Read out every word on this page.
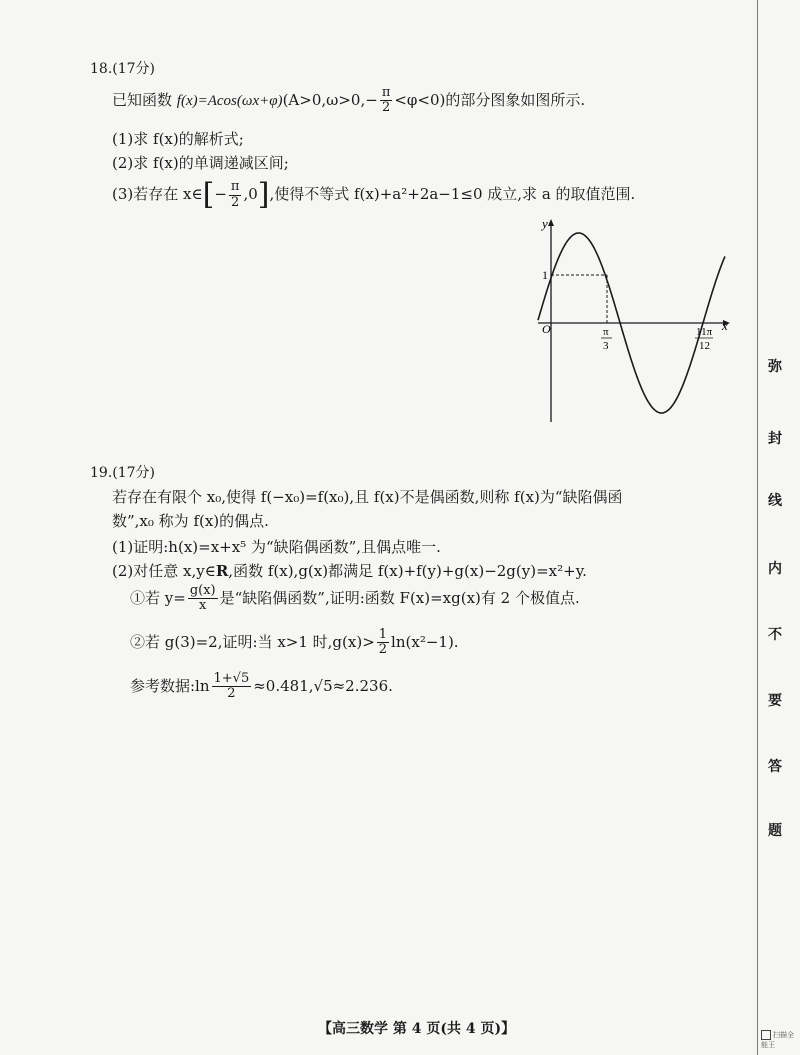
18.(17分)
已知函数 $f(x)=Acos(\omega x+\varphi)(A>0,\omega>0,- \frac{\pi}{2} <\varphi<0)$的部分图象如图所示.
(1)求 f(x)的解析式;
(2)求 f(x)的单调递减区间;
(3)若存在 x∈[− $\frac{\pi}{2} ,0$],使得不等式 f(x)+a²+2a−1≤0 成立,求 a 的取值范围.
y
x
O
1
π
3
11π
12
19.(17分)
若存在有限个 x₀,使得 f(−x₀)=f(x₀),且 f(x)不是偶函数,则称 f(x)为“缺陷偶函
数”,x₀ 称为 f(x)的偶点.
(1)证明:h(x)=x+x⁵ 为“缺陷偶函数”,且偶点唯一.
(2)对任意 x,y∈R,函数 f(x),g(x)都满足 f(x)+f(y)+g(x)−2g(y)=x²+y.
①若 $y= \frac{g(x)}{x}$ 是“缺陷偶函数”,证明:函数 F(x)=xg(x)有 2 个极值点.
②若 g(3)=2,证明:当 x>1 时$,g(x)> \frac{1}{2} \ln(x^2-1)$.
参考数据:ln $\frac{1+√5}{2} \approx 0.481,√5\approx 2.236$.
弥
封
线
内
不
要
答
题
【高三数学 第 4 页(共 4 页)】	扫描全能王
